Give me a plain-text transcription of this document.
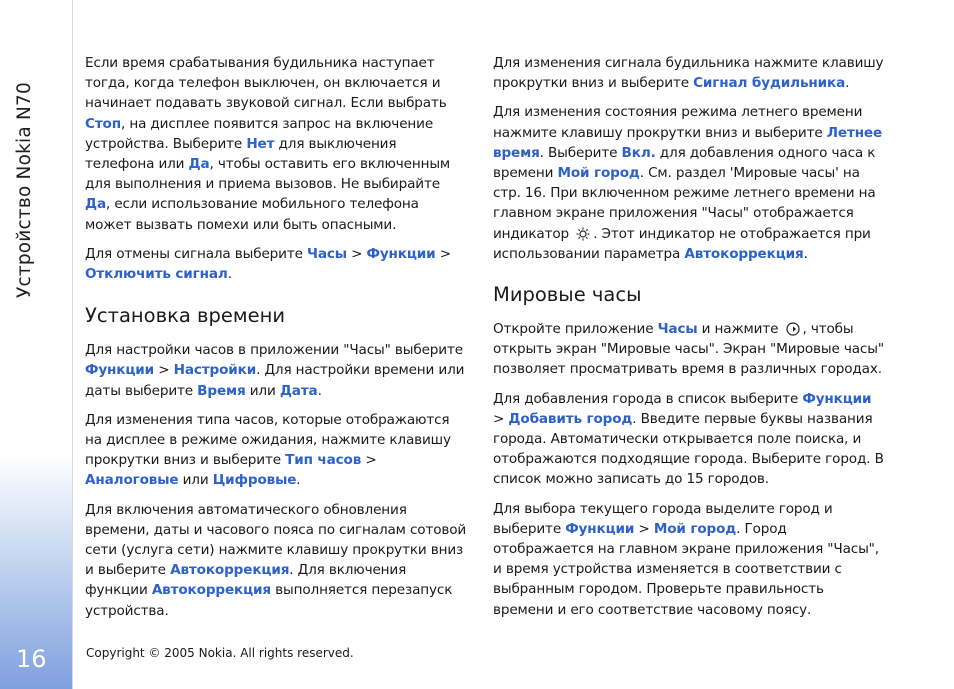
Устройство Nokia N70
16

Если время срабатывания будильника наступает тогда, когда телефон выключен, он включается и начинает подавать звуковой сигнал. Если выбрать Стоп, на дисплее появится запрос на включение устройства. Выберите Нет для выключения телефона или Да, чтобы оставить его включенным для выполнения и приема вызовов. Не выбирайте Да, если использование мобильного телефона может вызвать помехи или быть опасными.

Для отмены сигнала выберите Часы > Функции > Отключить сигнал.

Установка времени

Для настройки часов в приложении "Часы" выберите Функции > Настройки. Для настройки времени или даты выберите Время или Дата.

Для изменения типа часов, которые отображаются на дисплее в режиме ожидания, нажмите клавишу прокрутки вниз и выберите Тип часов > Аналоговые или Цифровые.

Для включения автоматического обновления времени, даты и часового пояса по сигналам сотовой сети (услуга сети) нажмите клавишу прокрутки вниз и выберите Автокоррекция. Для включения функции Автокоррекция выполняется перезапуск устройства.

Для изменения сигнала будильника нажмите клавишу прокрутки вниз и выберите Сигнал будильника.

Для изменения состояния режима летнего времени нажмите клавишу прокрутки вниз и выберите Летнее время. Выберите Вкл. для добавления одного часа к времени Мой город. См. раздел 'Мировые часы' на стр. 16. При включенном режиме летнего времени на главном экране приложения "Часы" отображается индикатор . Этот индикатор не отображается при использовании параметра Автокоррекция.

Мировые часы

Откройте приложение Часы и нажмите , чтобы открыть экран "Мировые часы". Экран "Мировые часы" позволяет просматривать время в различных городах.

Для добавления города в список выберите Функции > Добавить город. Введите первые буквы названия города. Автоматически открывается поле поиска, и отображаются подходящие города. Выберите город. В список можно записать до 15 городов.

Для выбора текущего города выделите город и выберите Функции > Мой город. Город отображается на главном экране приложения "Часы", и время устройства изменяется в соответствии с выбранным городом. Проверьте правильность времени и его соответствие часовому поясу.

Copyright © 2005 Nokia. All rights reserved.
